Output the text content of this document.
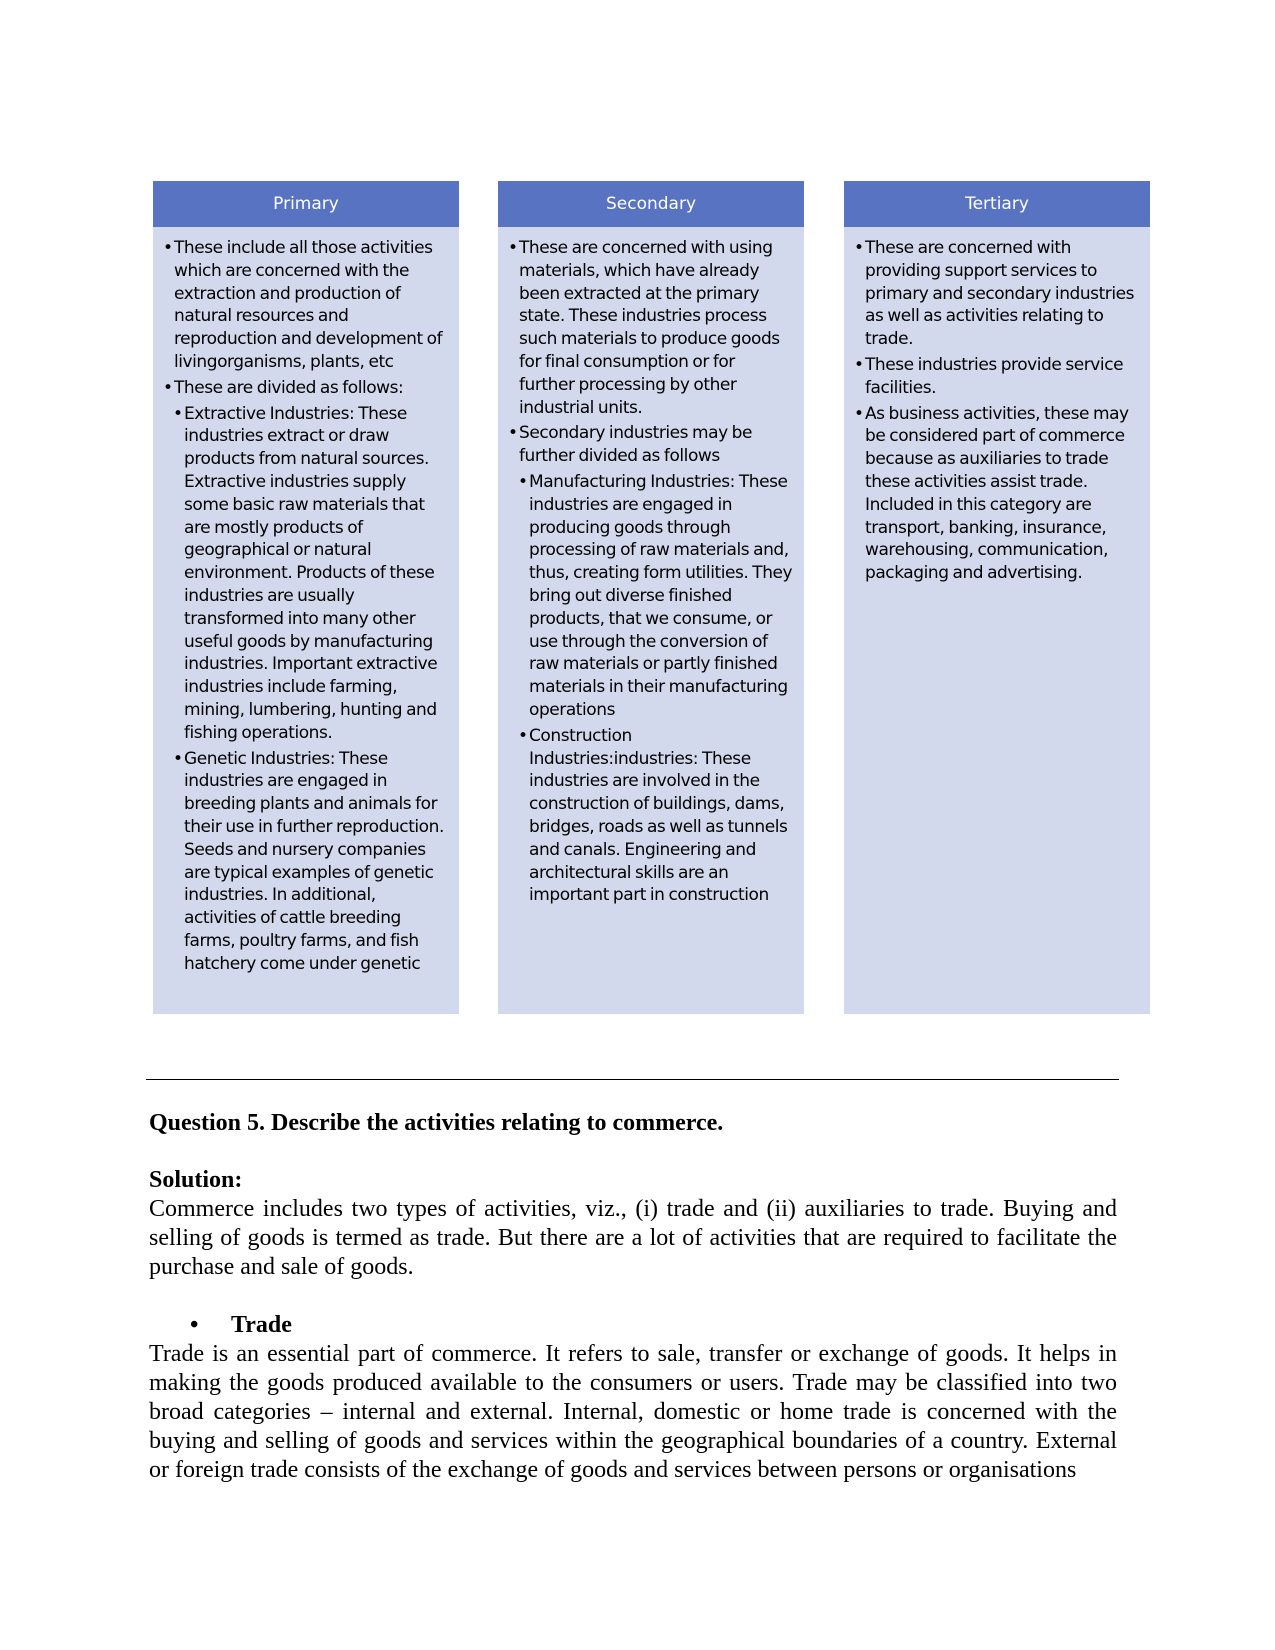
Primary
• These include all those activities which are concerned with the extraction and production of natural resources and reproduction and development of livingorganisms, plants, etc
• These are divided as follows:
• Extractive Industries: These industries extract or draw products from natural sources. Extractive industries supply some basic raw materials that are mostly products of geographical or natural environment. Products of these industries are usually transformed into many other useful goods by manufacturing industries. Important extractive industries include farming, mining, lumbering, hunting and fishing operations.
• Genetic Industries: These industries are engaged in breeding plants and animals for their use in further reproduction. Seeds and nursery companies are typical examples of genetic industries. In additional, activities of cattle breeding farms, poultry farms, and fish hatchery come under genetic
Secondary
• These are concerned with using materials, which have already been extracted at the primary state. These industries process such materials to produce goods for final consumption or for further processing by other industrial units.
• Secondary industries may be further divided as follows
• Manufacturing Industries: These industries are engaged in producing goods through processing of raw materials and, thus, creating form utilities. They bring out diverse finished products, that we consume, or use through the conversion of raw materials or partly finished materials in their manufacturing operations
• Construction Industries:industries: These industries are involved in the construction of buildings, dams, bridges, roads as well as tunnels and canals. Engineering and architectural skills are an important part in construction
Tertiary
• These are concerned with providing support services to primary and secondary industries as well as activities relating to trade.
• These industries provide service facilities.
• As business activities, these may be considered part of commerce because as auxiliaries to trade these activities assist trade. Included in this category are transport, banking, insurance, warehousing, communication, packaging and advertising.
Question 5. Describe the activities relating to commerce.
Solution:
Commerce includes two types of activities, viz., (i) trade and (ii) auxiliaries to trade. Buying and selling of goods is termed as trade. But there are a lot of activities that are required to facilitate the purchase and sale of goods.
• Trade
Trade is an essential part of commerce. It refers to sale, transfer or exchange of goods. It helps in making the goods produced available to the consumers or users. Trade may be classified into two broad categories – internal and external. Internal, domestic or home trade is concerned with the buying and selling of goods and services within the geographical boundaries of a country. External or foreign trade consists of the exchange of goods and services between persons or organisations
